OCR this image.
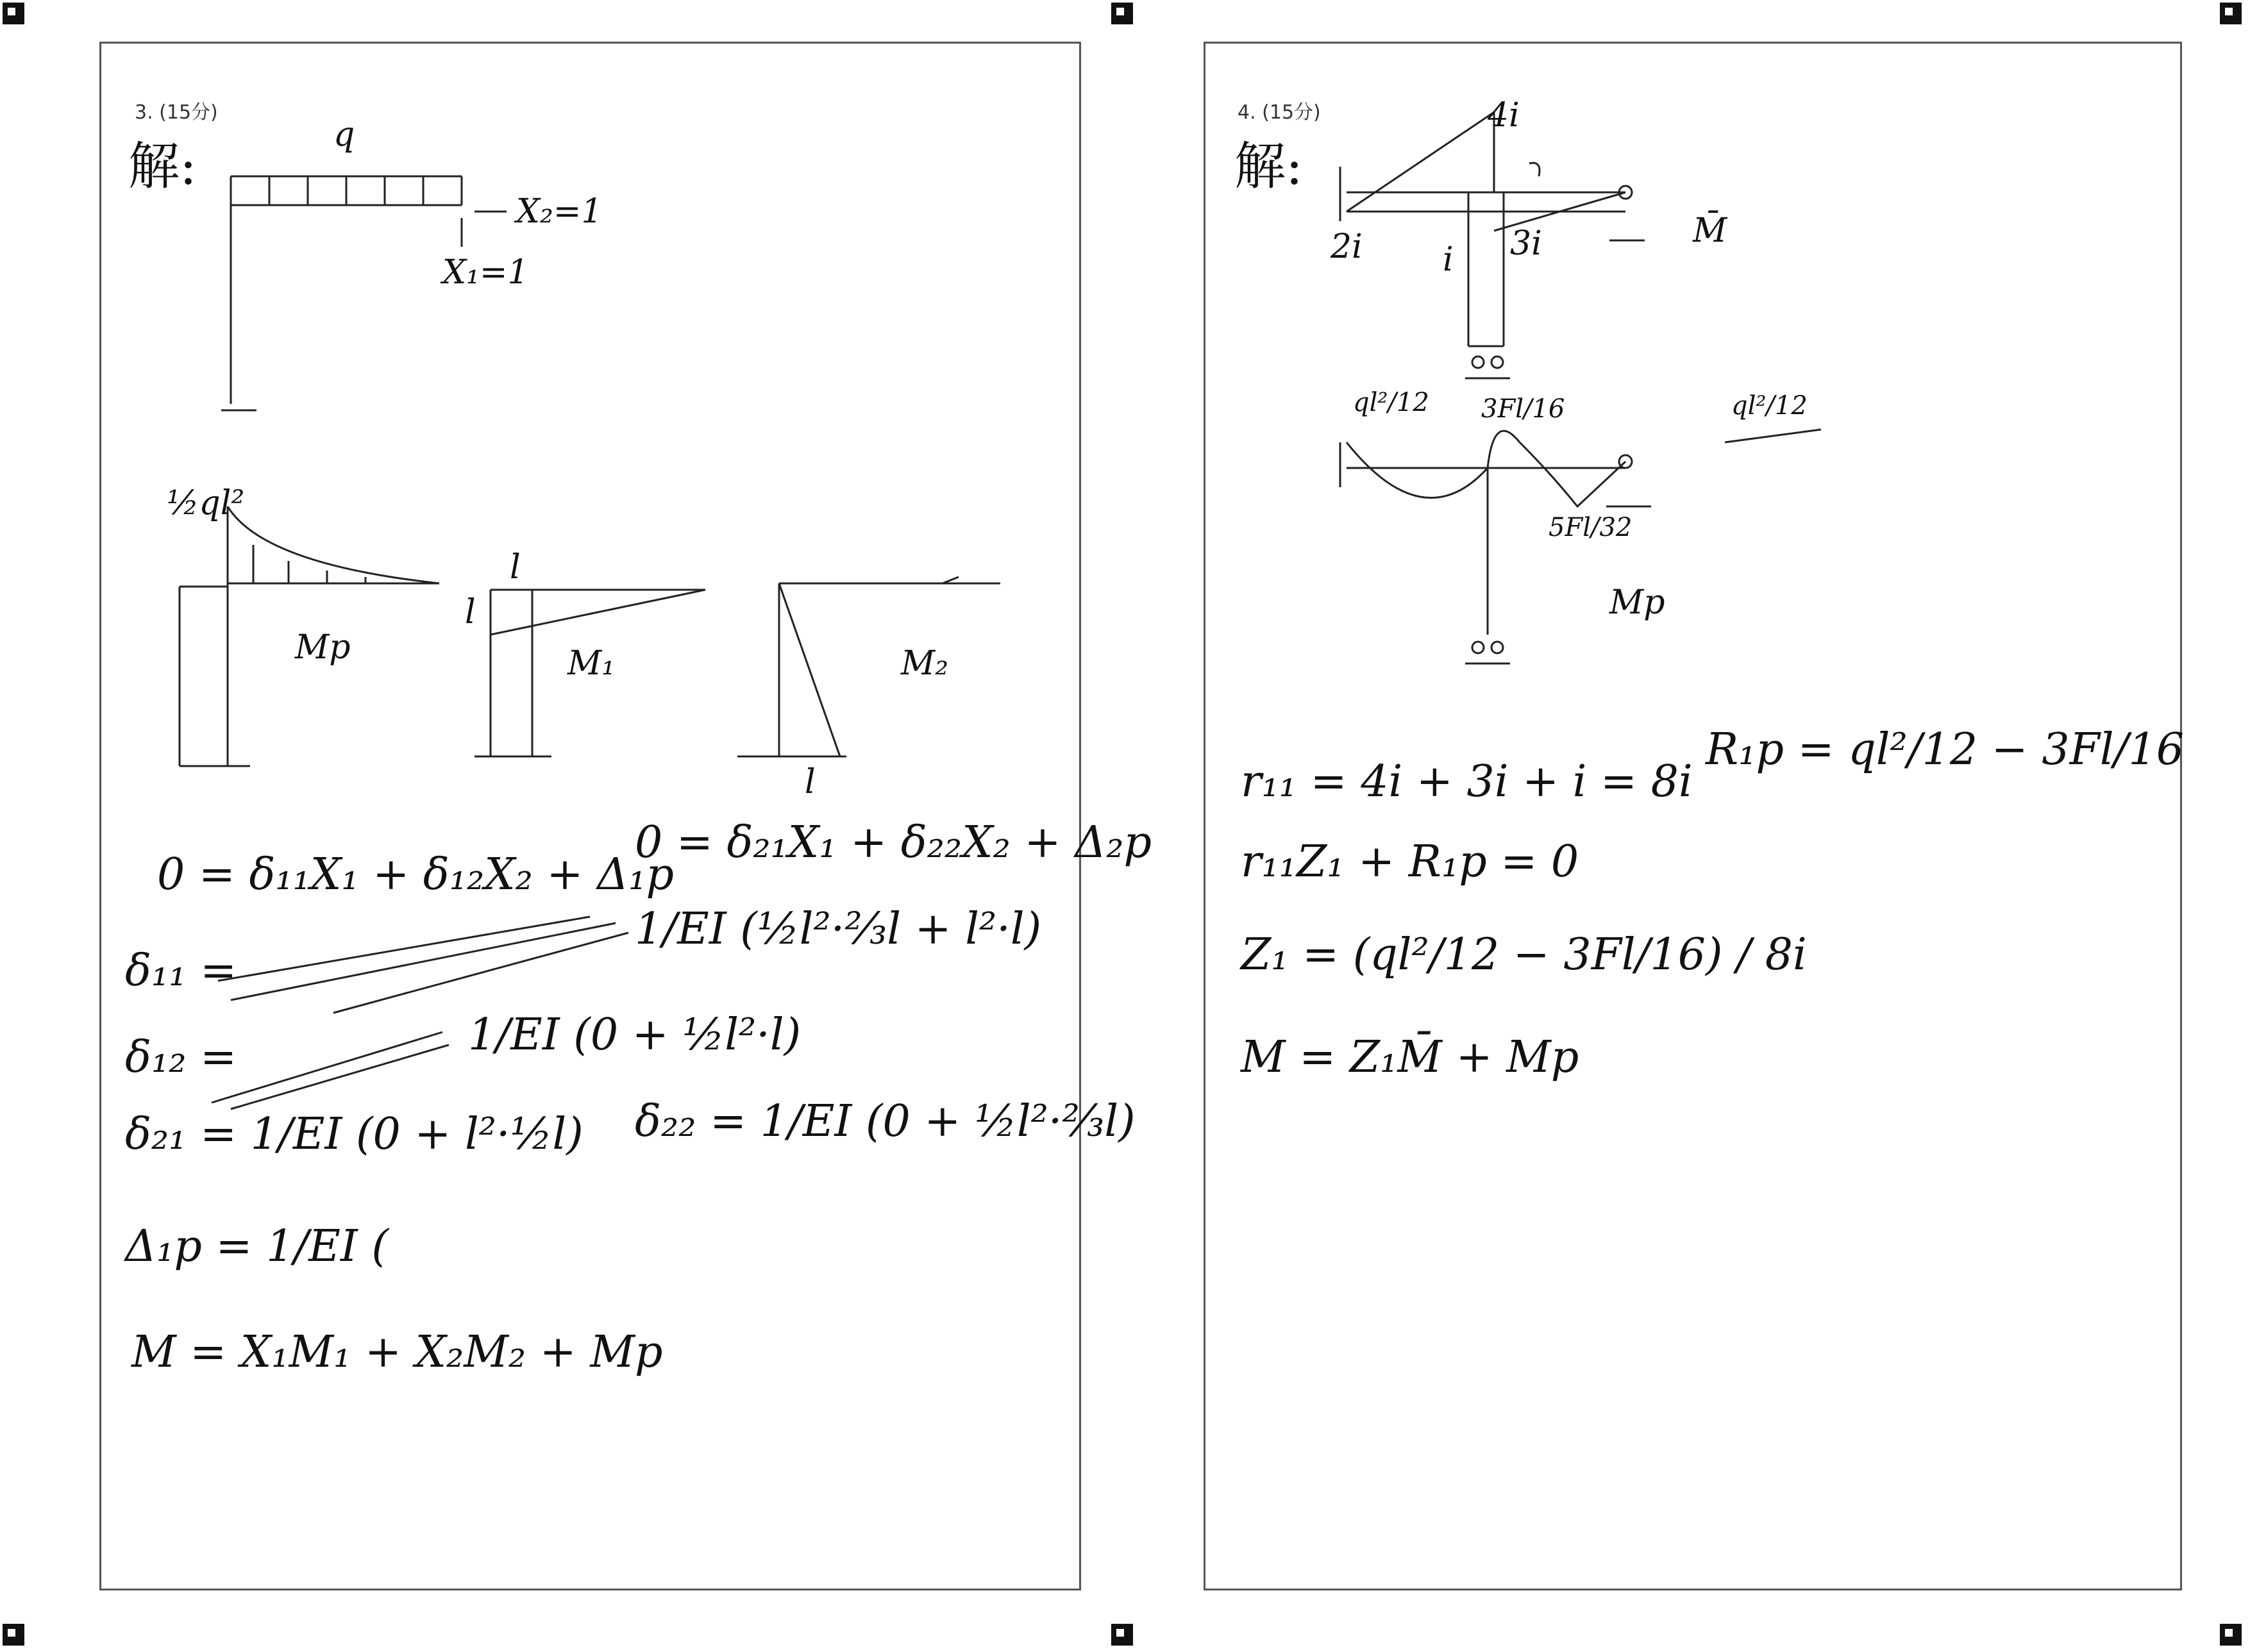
3. (15分)
解:
q
X₂=1
X₁=1
½ql²
Mp
l
l
M₁	M₂
l
0 = δ₁₁X₁ + δ₁₂X₂ + Δ₁p
0 = δ₂₁X₁ + δ₂₂X₂ + Δ₂p
δ₁₁ =
1/EI (½l²·⅔l + l²·l)
δ₁₂ =	1/EI (0 + ½l²·l)
δ₂₁ = 1/EI (0 + l²·½l) δ₂₂ = 1/EI (0 + ½l²·⅔l)
Δ₁p = 1/EI (
M = X₁M₁ + X₂M₂ + Mp
4. (15分)
解:
4i
2i i 3i	M̄
ql²/12 3Fl/16
5Fl/32
Mp
ql²/12
r₁₁ = 4i + 3i + i = 8i
R₁p = ql²/12 − 3Fl/16
r₁₁Z₁ + R₁p = 0
Z₁ = (ql²/12 − 3Fl/16) / 8i
M = Z₁M̄ + Mp
